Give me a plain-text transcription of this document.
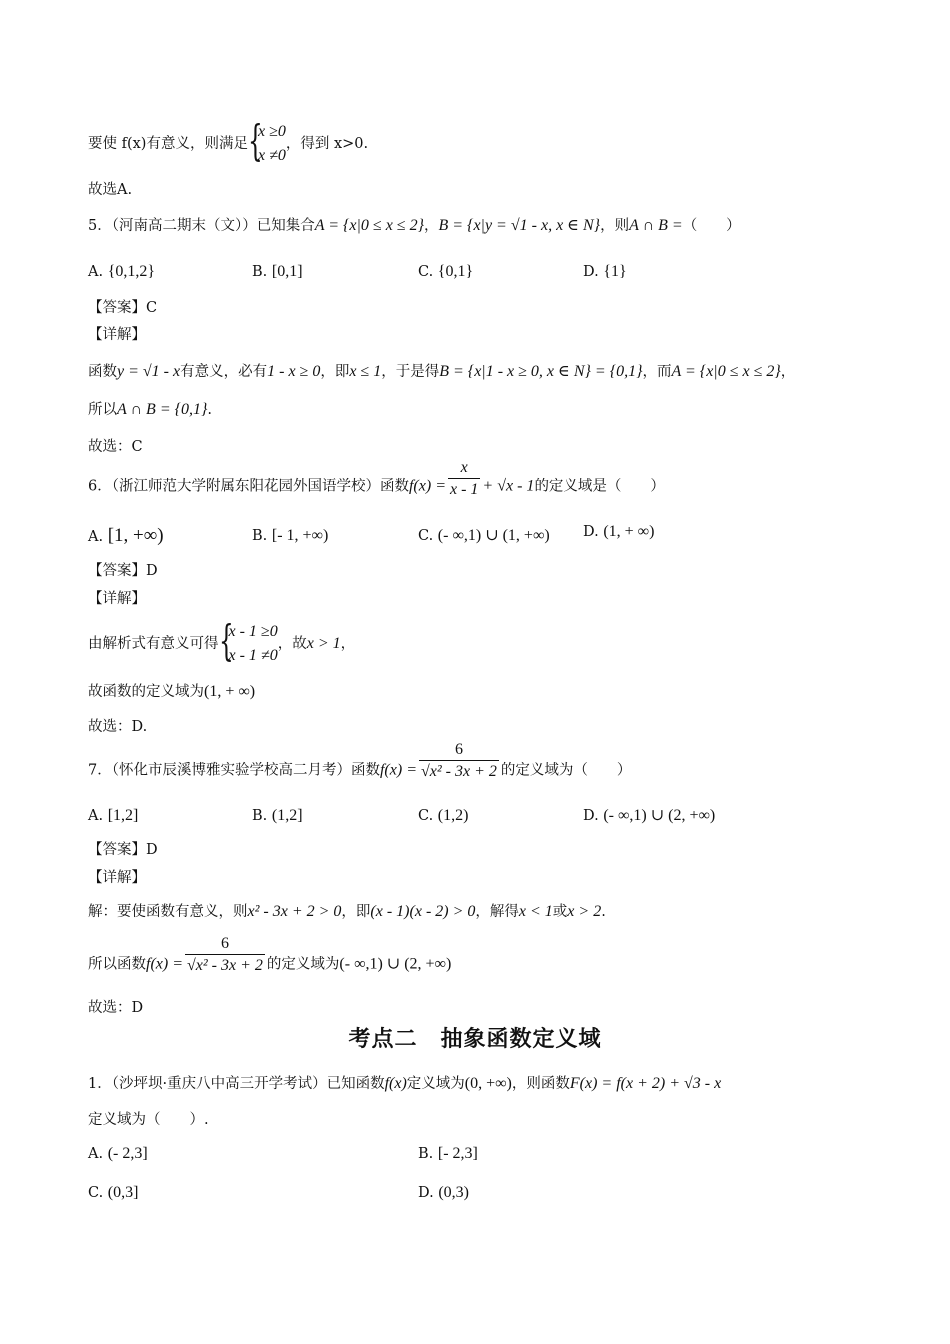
要使 f(x)有意义，则满足 {
x ≥0
x ≠0
，得到 x>0.
故选A.
5．（河南高二期末（文））已知集合A = {x|0 ≤ x ≤ 2}，B = {x|y = √1 - x, x ∈ N}，则A ∩ B =（　　）
A. {0,1,2}	B. [0,1]	C. {0,1}	D. {1}
【答案】C
【详解】
函数y = √1 - x有意义，必有1 - x ≥ 0，即x ≤ 1，于是得B = {x|1 - x ≥ 0, x ∈ N} = {0,1}，而A = {x|0 ≤ x ≤ 2}，
所以A ∩ B = {0,1}.
故选：C
6．（浙江师范大学附属东阳花园外国语学校）函数$f(x) = \frac{x}{x - 1} + √x - 1$的定义域是（　　）
A. [1, +∞)	B. [- 1, +∞)	C. (- ∞,1) ∪ (1, +∞) D. (1, + ∞)
【答案】D
【详解】
由解析式有意义可得 {
x - 1 ≥0
x - 1 ≠0
，故x > 1，
故函数的定义域为(1, + ∞)
故选：D.
7．（怀化市辰溪博雅实验学校高二月考）函数$f(x) = \frac{6}{\text{√x² - 3x + 2}}$ 的定义域为（　　）
A. [1,2]	B. (1,2]	C. (1,2)	D. (- ∞,1) ∪ (2, +∞)
【答案】D
【详解】
解：要使函数有意义，则x² - 3x + 2 > 0，即(x - 1)(x - 2) > 0，解得x < 1或x > 2.
所以函数$f(x) = \frac{6}{\text{√x² - 3x + 2}}$ 的定义域为(- ∞,1) ∪ (2, +∞)
故选：D
考点二　抽象函数定义域
1．（沙坪坝·重庆八中高三开学考试）已知函数f(x)定义域为(0, +∞)，则函数F(x) = f(x + 2) + √3 - x
定义域为（　　）.
A. (- 2,3]	B. [- 2,3]
C. (0,3]	D. (0,3)
